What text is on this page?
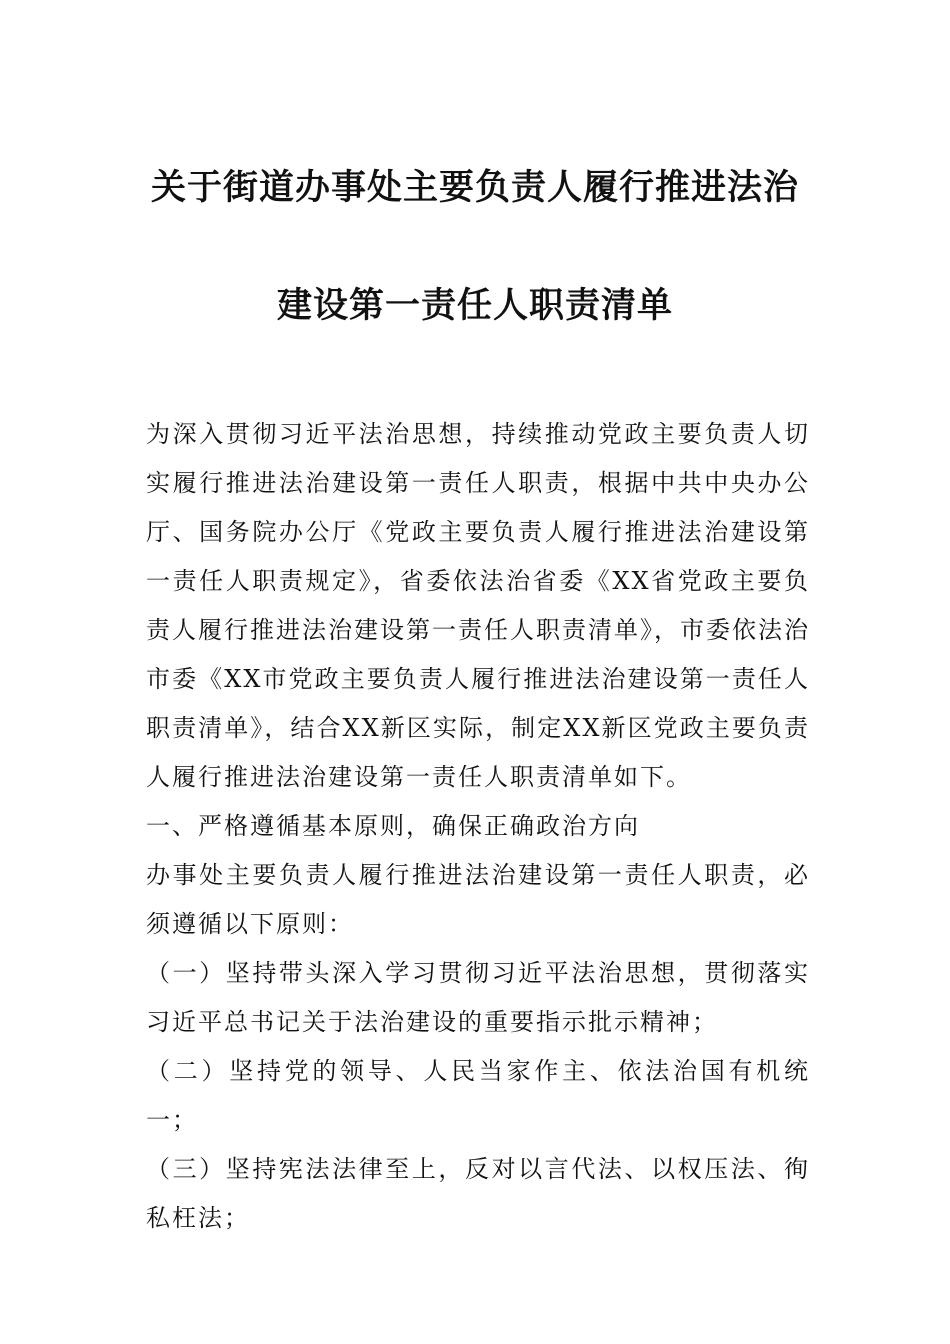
关于街道办事处主要负责人履行推进法治
建设第一责任人职责清单

为深入贯彻习近平法治思想，持续推动党政主要负责人切实履行推进法治建设第一责任人职责，根据中共中央办公厅、国务院办公厅《党政主要负责人履行推进法治建设第一责任人职责规定》，省委依法治省委《XX省党政主要负责人履行推进法治建设第一责任人职责清单》，市委依法治市委《XX市党政主要负责人履行推进法治建设第一责任人职责清单》，结合XX新区实际，制定XX新区党政主要负责人履行推进法治建设第一责任人职责清单如下。

一、严格遵循基本原则，确保正确政治方向

办事处主要负责人履行推进法治建设第一责任人职责，必须遵循以下原则：

（一）坚持带头深入学习贯彻习近平法治思想，贯彻落实习近平总书记关于法治建设的重要指示批示精神；

（二）坚持党的领导、人民当家作主、依法治国有机统一；

（三）坚持宪法法律至上，反对以言代法、以权压法、徇私枉法；
